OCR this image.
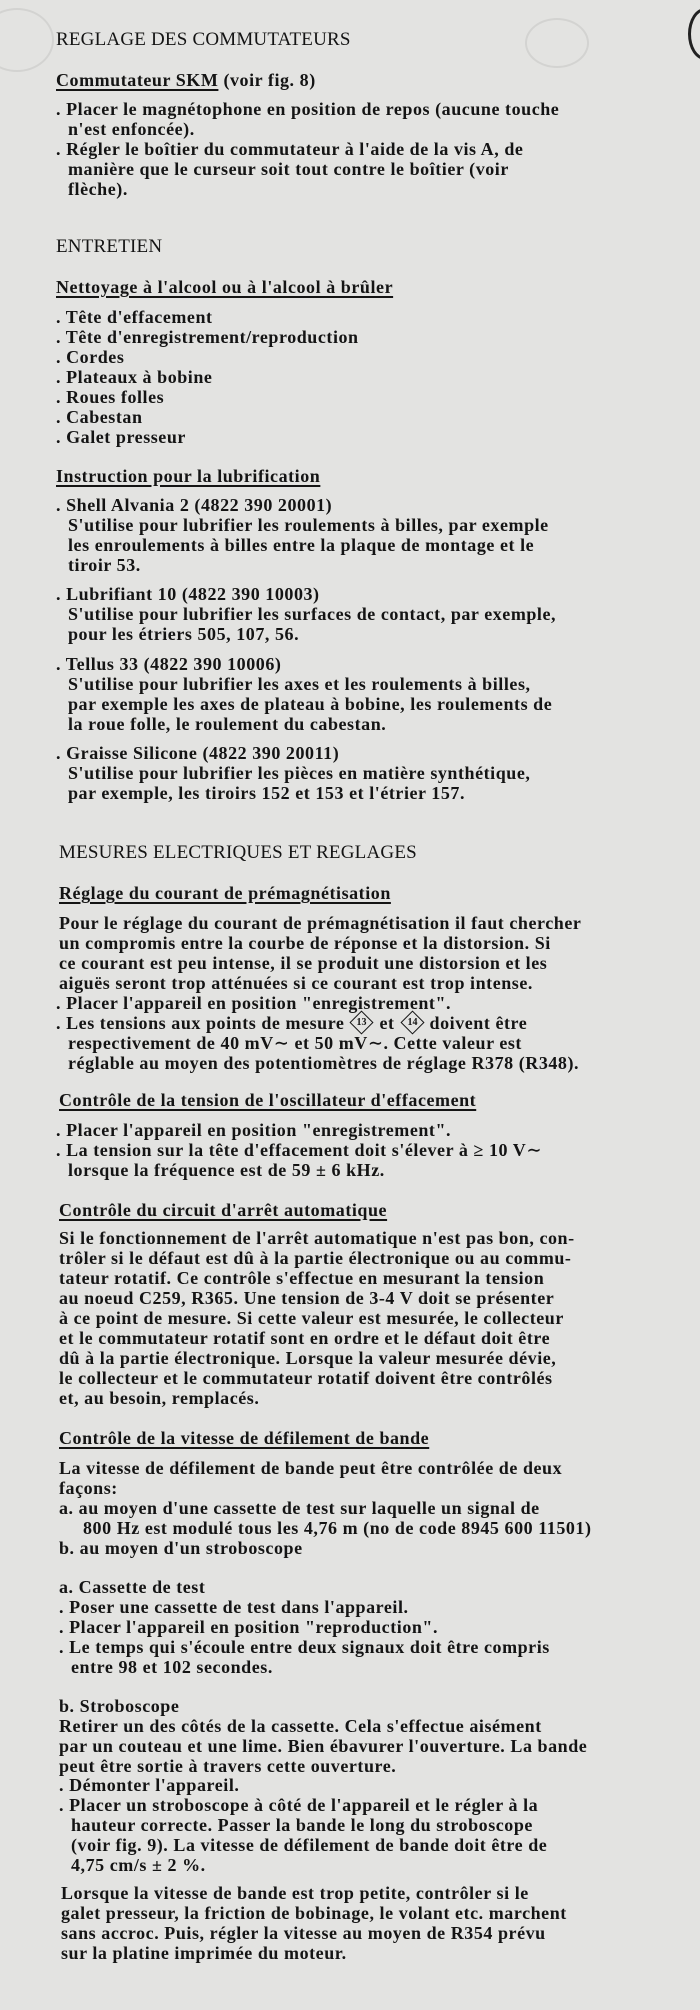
REGLAGE DES COMMUTATEURS
Commutateur SKM (voir fig. 8)
. Placer le magnétophone en position de repos (aucune touche
n'est enfoncée).
. Régler le boîtier du commutateur à l'aide de la vis A, de
manière que le curseur soit tout contre le boîtier (voir
flèche).
ENTRETIEN
Nettoyage à l'alcool ou à l'alcool à brûler
. Tête d'effacement
. Tête d'enregistrement/reproduction
. Cordes
. Plateaux à bobine
. Roues folles
. Cabestan
. Galet presseur
Instruction pour la lubrification
. Shell Alvania 2 (4822 390 20001)
S'utilise pour lubrifier les roulements à billes, par exemple
les enroulements à billes entre la plaque de montage et le
tiroir 53.
. Lubrifiant 10 (4822 390 10003)
S'utilise pour lubrifier les surfaces de contact, par exemple,
pour les étriers 505, 107, 56.
. Tellus 33 (4822 390 10006)
S'utilise pour lubrifier les axes et les roulements à billes,
par exemple les axes de plateau à bobine, les roulements de
la roue folle, le roulement du cabestan.
. Graisse Silicone (4822 390 20011)
S'utilise pour lubrifier les pièces en matière synthétique,
par exemple, les tiroirs 152 et 153 et l'étrier 157.
MESURES ELECTRIQUES ET REGLAGES
Réglage du courant de prémagnétisation
Pour le réglage du courant de prémagnétisation il faut chercher
un compromis entre la courbe de réponse et la distorsion. Si
ce courant est peu intense, il se produit une distorsion et les
aiguës seront trop atténuées si ce courant est trop intense.
. Placer l'appareil en position "enregistrement".
. Les tensions aux points de mesure 13 et 14 doivent être
respectivement de 40 mV∼ et 50 mV∼. Cette valeur est
réglable au moyen des potentiomètres de réglage R378 (R348).
Contrôle de la tension de l'oscillateur d'effacement
. Placer l'appareil en position "enregistrement".
. La tension sur la tête d'effacement doit s'élever à ≥ 10 V∼
lorsque la fréquence est de 59 ± 6 kHz.
Contrôle du circuit d'arrêt automatique
Si le fonctionnement de l'arrêt automatique n'est pas bon, con-
trôler si le défaut est dû à la partie électronique ou au commu-
tateur rotatif. Ce contrôle s'effectue en mesurant la tension
au noeud C259, R365. Une tension de 3-4 V doit se présenter
à ce point de mesure. Si cette valeur est mesurée, le collecteur
et le commutateur rotatif sont en ordre et le défaut doit être
dû à la partie électronique. Lorsque la valeur mesurée dévie,
le collecteur et le commutateur rotatif doivent être contrôlés
et, au besoin, remplacés.
Contrôle de la vitesse de défilement de bande
La vitesse de défilement de bande peut être contrôlée de deux
façons:
a. au moyen d'une cassette de test sur laquelle un signal de
800 Hz est modulé tous les 4,76 m (no de code 8945 600 11501)
b. au moyen d'un stroboscope
a. Cassette de test
. Poser une cassette de test dans l'appareil.
. Placer l'appareil en position "reproduction".
. Le temps qui s'écoule entre deux signaux doit être compris
entre 98 et 102 secondes.
b. Stroboscope
Retirer un des côtés de la cassette. Cela s'effectue aisément
par un couteau et une lime. Bien ébavurer l'ouverture. La bande
peut être sortie à travers cette ouverture.
. Démonter l'appareil.
. Placer un stroboscope à côté de l'appareil et le régler à la
hauteur correcte. Passer la bande le long du stroboscope
(voir fig. 9). La vitesse de défilement de bande doit être de
4,75 cm/s ± 2 %.
Lorsque la vitesse de bande est trop petite, contrôler si le
galet presseur, la friction de bobinage, le volant etc. marchent
sans accroc. Puis, régler la vitesse au moyen de R354 prévu
sur la platine imprimée du moteur.
